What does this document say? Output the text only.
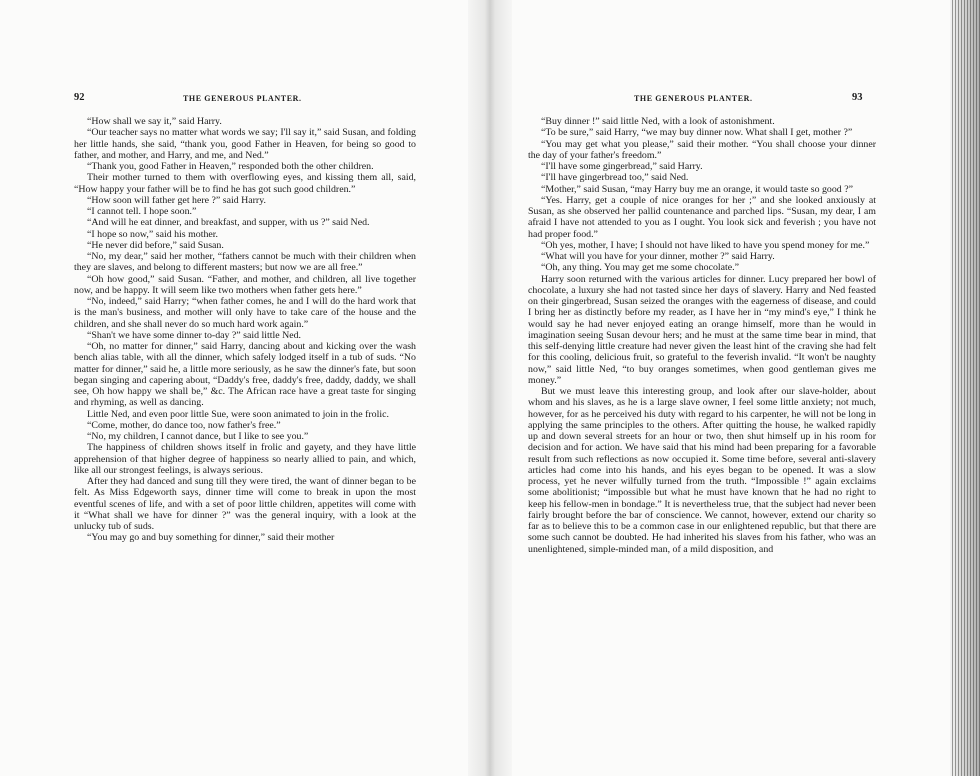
92	THE GENEROUS PLANTER.

“How shall we say it,” said Harry.

“Our teacher says no matter what words we say; I'll say it,” said Susan, and folding her little hands, she said, “thank you, good Father in Heaven, for being so good to father, and mother, and Harry, and me, and Ned.”

“Thank you, good Father in Heaven,” responded both the other children.

Their mother turned to them with overflowing eyes, and kissing them all, said, “How happy your father will be to find he has got such good children.”

“How soon will father get here ?” said Harry.

“I cannot tell. I hope soon.”

“And will he eat dinner, and breakfast, and supper, with us ?” said Ned.

“I hope so now,” said his mother.

“He never did before,” said Susan.

“No, my dear,” said her mother, “fathers cannot be much with their children when they are slaves, and belong to different masters; but now we are all free.”

“Oh how good,” said Susan. “Father, and mother, and children, all live together now, and be happy. It will seem like two mothers when father gets here.”

“No, indeed,” said Harry; “when father comes, he and I will do the hard work that is the man's business, and mother will only have to take care of the house and the children, and she shall never do so much hard work again.”

“Shan't we have some dinner to-day ?” said little Ned.

“Oh, no matter for dinner,” said Harry, dancing about and kicking over the wash bench alias table, with all the dinner, which safely lodged itself in a tub of suds. “No matter for dinner,” said he, a little more seriously, as he saw the dinner's fate, but soon began singing and capering about, “Daddy's free, daddy's free, daddy, daddy, we shall see, Oh how happy we shall be,” &c. The African race have a great taste for singing and rhyming, as well as dancing.

Little Ned, and even poor little Sue, were soon animated to join in the frolic.

“Come, mother, do dance too, now father's free.”

“No, my children, I cannot dance, but I like to see you.”

The happiness of children shows itself in frolic and gayety, and they have little apprehension of that higher degree of happiness so nearly allied to pain, and which, like all our strongest feelings, is always serious.

After they had danced and sung till they were tired, the want of dinner began to be felt. As Miss Edgeworth says, dinner time will come to break in upon the most eventful scenes of life, and with a set of poor little children, appetites will come with it “What shall we have for dinner ?” was the general inquiry, with a look at the unlucky tub of suds.

“You may go and buy something for dinner,” said their mother

THE GENEROUS PLANTER.	93

“Buy dinner !” said little Ned, with a look of astonishment.

“To be sure,” said Harry, “we may buy dinner now. What shall I get, mother ?”

“You may get what you please,” said their mother. “You shall choose your dinner the day of your father's freedom.”

“I'll have some gingerbread,” said Harry.

“I'll have gingerbread too,” said Ned.

“Mother,” said Susan, “may Harry buy me an orange, it would taste so good ?”

“Yes. Harry, get a couple of nice oranges for her ;” and she looked anxiously at Susan, as she observed her pallid countenance and parched lips. “Susan, my dear, I am afraid I have not attended to you as I ought. You look sick and feverish ; you have not had proper food.”

“Oh yes, mother, I have; I should not have liked to have you spend money for me.”

“What will you have for your dinner, mother ?” said Harry.

“Oh, any thing. You may get me some chocolate.”

Harry soon returned with the various articles for dinner. Lucy prepared her bowl of chocolate, a luxury she had not tasted since her days of slavery. Harry and Ned feasted on their gingerbread, Susan seized the oranges with the eagerness of disease, and could I bring her as distinctly before my reader, as I have her in “my mind's eye,” I think he would say he had never enjoyed eating an orange himself, more than he would in imagination seeing Susan devour hers; and he must at the same time bear in mind, that this self-denying little creature had never given the least hint of the craving she had felt for this cooling, delicious fruit, so grateful to the feverish invalid. “It won't be naughty now,” said little Ned, “to buy oranges sometimes, when good gentleman gives me money.”

But we must leave this interesting group, and look after our slave-holder, about whom and his slaves, as he is a large slave owner, I feel some little anxiety; not much, however, for as he perceived his duty with regard to his carpenter, he will not be long in applying the same principles to the others. After quitting the house, he walked rapidly up and down several streets for an hour or two, then shut himself up in his room for decision and for action. We have said that his mind had been preparing for a favorable result from such reflections as now occupied it. Some time before, several anti-slavery articles had come into his hands, and his eyes began to be opened. It was a slow process, yet he never wilfully turned from the truth. “Impossible !” again exclaims some abolitionist; “impossible but what he must have known that he had no right to keep his fellow-men in bondage.” It is nevertheless true, that the subject had never been fairly brought before the bar of conscience. We cannot, however, extend our charity so far as to believe this to be a common case in our enlightened republic, but that there are some such cannot be doubted. He had inherited his slaves from his father, who was an unenlightened, simple-minded man, of a mild disposition, and
